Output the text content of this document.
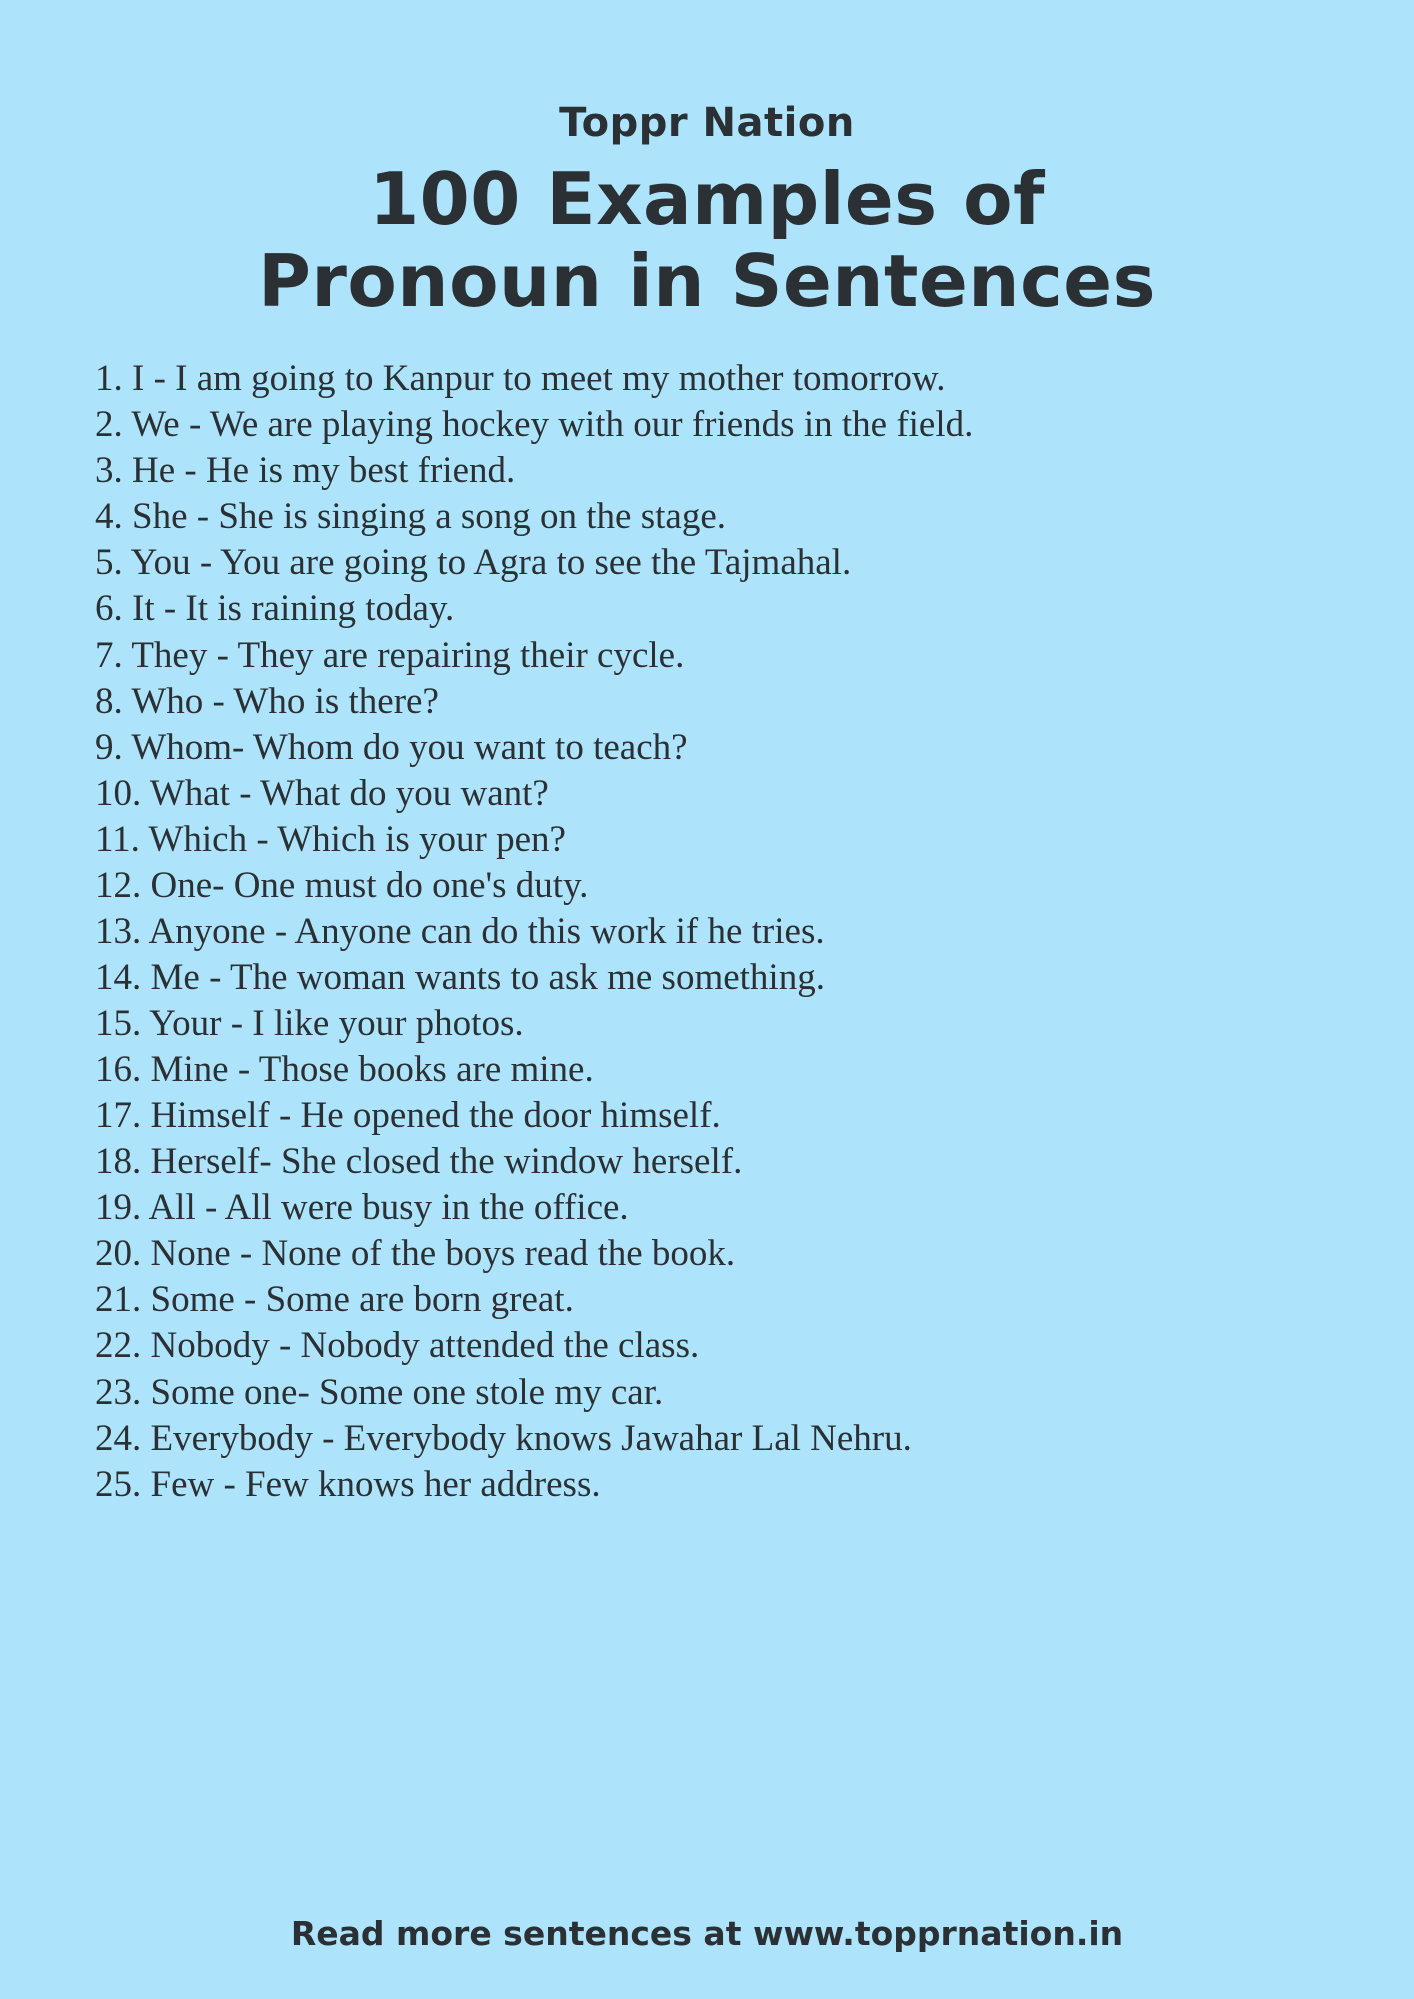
Toppr Nation
100 Examples of
Pronoun in Sentences
1. I - I am going to Kanpur to meet my mother tomorrow.
2. We - We are playing hockey with our friends in the field.
3. He - He is my best friend.
4. She - She is singing a song on the stage.
5. You - You are going to Agra to see the Tajmahal.
6. It - It is raining today.
7. They - They are repairing their cycle.
8. Who - Who is there?
9. Whom- Whom do you want to teach?
10. What - What do you want?
11. Which - Which is your pen?
12. One- One must do one's duty.
13. Anyone - Anyone can do this work if he tries.
14. Me - The woman wants to ask me something.
15. Your - I like your photos.
16. Mine - Those books are mine.
17. Himself - He opened the door himself.
18. Herself- She closed the window herself.
19. All - All were busy in the office.
20. None - None of the boys read the book.
21. Some - Some are born great.
22. Nobody - Nobody attended the class.
23. Some one- Some one stole my car.
24. Everybody - Everybody knows Jawahar Lal Nehru.
25. Few - Few knows her address.
Read more sentences at www.topprnation.in
